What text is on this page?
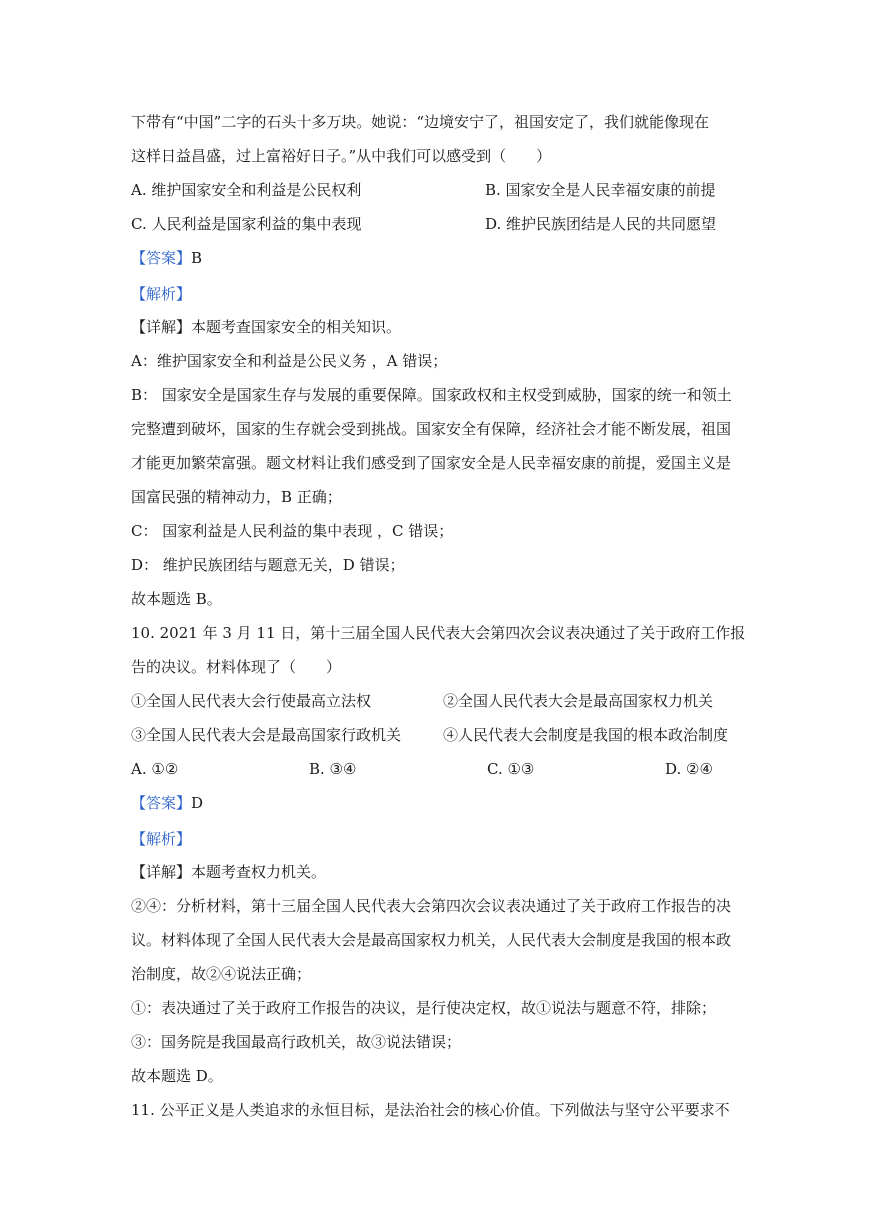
下带有“中国”二字的石头十多万块。她说：“边境安宁了，祖国安定了，我们就能像现在
这样日益昌盛，过上富裕好日子。”从中我们可以感受到（　　）
A. 维护国家安全和利益是公民权利	B. 国家安全是人民幸福安康的前提
C. 人民利益是国家利益的集中表现	D. 维护民族团结是人民的共同愿望
【答案】B
【解析】
【详解】本题考查国家安全的相关知识。
A：维护国家安全和利益是公民义务 ，A 错误；
B： 国家安全是国家生存与发展的重要保障。国家政权和主权受到威胁，国家的统一和领土
完整遭到破坏，国家的生存就会受到挑战。国家安全有保障，经济社会才能不断发展，祖国
才能更加繁荣富强。题文材料让我们感受到了国家安全是人民幸福安康的前提，爱国主义是
国富民强的精神动力，B 正确；
C： 国家利益是人民利益的集中表现 ，C 错误；
D： 维护民族团结与题意无关，D 错误；
故本题选 B。
10. 2021 年 3 月 11 日，第十三届全国人民代表大会第四次会议表决通过了关于政府工作报
告的决议。材料体现了（　　）
①全国人民代表大会行使最高立法权	②全国人民代表大会是最高国家权力机关
③全国人民代表大会是最高国家行政机关	④人民代表大会制度是我国的根本政治制度
A. ①②	B. ③④	C. ①③	D. ②④
【答案】D
【解析】
【详解】本题考查权力机关。
②④：分析材料，第十三届全国人民代表大会第四次会议表决通过了关于政府工作报告的决
议。材料体现了全国人民代表大会是最高国家权力机关，人民代表大会制度是我国的根本政
治制度，故②④说法正确；
①：表决通过了关于政府工作报告的决议，是行使决定权，故①说法与题意不符，排除；
③：国务院是我国最高行政机关，故③说法错误；
故本题选 D。
11. 公平正义是人类追求的永恒目标，是法治社会的核心价值。下列做法与坚守公平要求不
